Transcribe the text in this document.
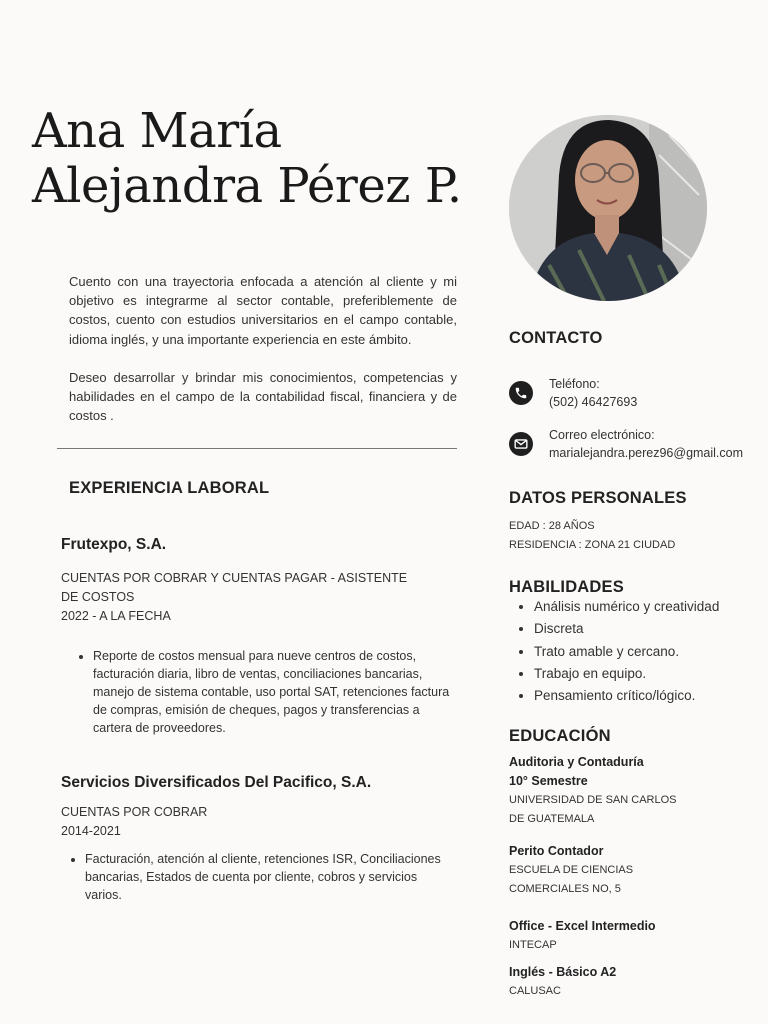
Ana María
Alejandra Pérez P.

Cuento con una trayectoria enfocada a atención al cliente y mi objetivo es integrarme al sector contable, preferiblemente de costos, cuento con estudios universitarios en el campo contable, idioma inglés, y una importante experiencia en este ámbito.

Deseo desarrollar y brindar mis conocimientos, competencias y habilidades en el campo de la contabilidad fiscal, financiera y de costos .

EXPERIENCIA LABORAL
Frutexpo, S.A.
CUENTAS POR COBRAR Y CUENTAS PAGAR - ASISTENTE
DE COSTOS
2022 - A LA FECHA
• Reporte de costos mensual para nueve centros de costos, facturación diaria, libro de ventas, conciliaciones bancarias, manejo de sistema contable, uso portal SAT, retenciones factura de compras, emisión de cheques, pagos y transferencias a cartera de proveedores.
Servicios Diversificados Del Pacifico, S.A.
CUENTAS POR COBRAR
2014-2021
• Facturación, atención al cliente, retenciones ISR, Conciliaciones bancarias, Estados de cuenta por cliente, cobros y servicios varios.
CONTACTO
Teléfono:
(502) 46427693
Correo electrónico:
marialejandra.perez96@gmail.com
DATOS PERSONALES
EDAD : 28 AÑOS
RESIDENCIA : ZONA 21 CIUDAD
HABILIDADES
• Análisis numérico y creatividad
• Discreta
• Trato amable y cercano.
• Trabajo en equipo.
• Pensamiento crítico/lógico.
EDUCACIÓN
Auditoria y Contaduría
10° Semestre
UNIVERSIDAD DE SAN CARLOS
DE GUATEMALA
Perito Contador
ESCUELA DE CIENCIAS
COMERCIALES NO, 5
Office - Excel Intermedio
INTECAP
Inglés - Básico A2
CALUSAC
